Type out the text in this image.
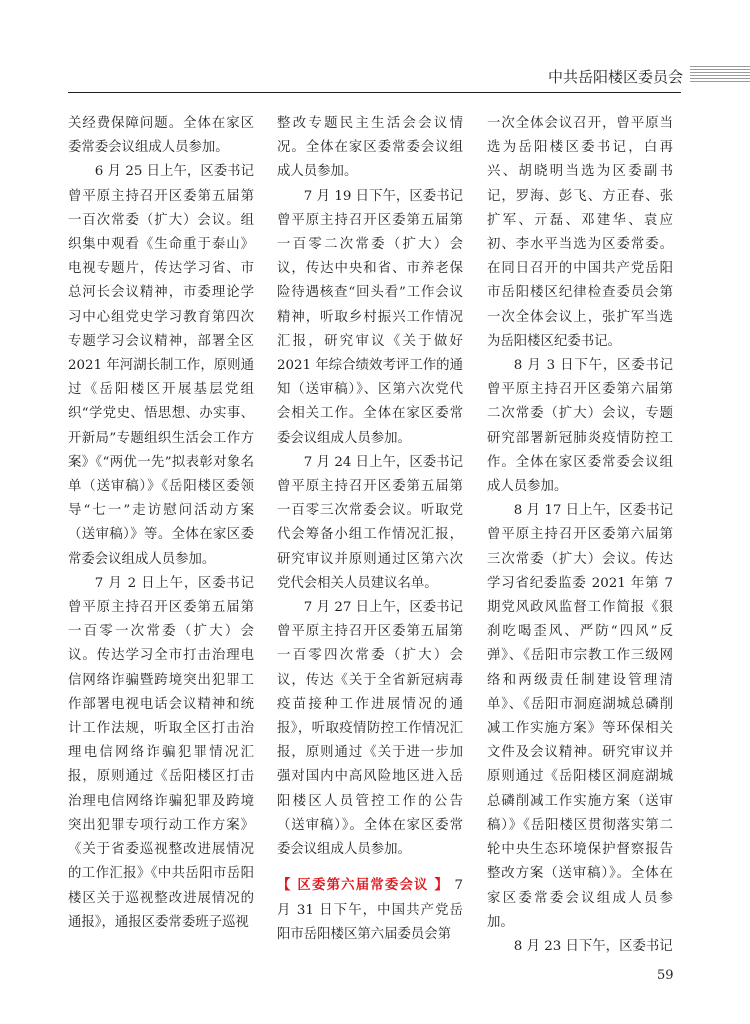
中共岳阳楼区委员会

关经费保障问题。全体在家区委常委会议组成人员参加。

6 月 25 日上午，区委书记曾平原主持召开区委第五届第一百次常委（扩大）会议。组织集中观看《生命重于泰山》电视专题片，传达学习省、市总河长会议精神，市委理论学习中心组党史学习教育第四次专题学习会议精神，部署全区 2021 年河湖长制工作，原则通过《岳阳楼区开展基层党组织“学党史、悟思想、办实事、开新局”专题组织生活会工作方案》《“两优一先”拟表彰对象名单（送审稿）》《岳阳楼区委领导“七一”走访慰问活动方案（送审稿）》等。全体在家区委常委会议组成人员参加。

7 月 2 日上午，区委书记曾平原主持召开区委第五届第一百零一次常委（扩大）会议。传达学习全市打击治理电信网络诈骗暨跨境突出犯罪工作部署电视电话会议精神和统计工作法规，听取全区打击治理电信网络诈骗犯罪情况汇报，原则通过《岳阳楼区打击治理电信网络诈骗犯罪及跨境突出犯罪专项行动工作方案》《关于省委巡视整改进展情况的工作汇报》《中共岳阳市岳阳楼区关于巡视整改进展情况的通报》，通报区委常委班子巡视

整改专题民主生活会会议情况。全体在家区委常委会议组成人员参加。

7 月 19 日下午，区委书记曾平原主持召开区委第五届第一百零二次常委（扩大）会议，传达中央和省、市养老保险待遇核查“回头看”工作会议精神，听取乡村振兴工作情况汇报，研究审议《关于做好 2021 年综合绩效考评工作的通知（送审稿）》、区第六次党代会相关工作。全体在家区委常委会议组成人员参加。

7 月 24 日上午，区委书记曾平原主持召开区委第五届第一百零三次常委会议。听取党代会筹备小组工作情况汇报，研究审议并原则通过区第六次党代会相关人员建议名单。

7 月 27 日上午，区委书记曾平原主持召开区委第五届第一百零四次常委（扩大）会议，传达《关于全省新冠病毒疫苗接种工作进展情况的通报》，听取疫情防控工作情况汇报，原则通过《关于进一步加强对国内中高风险地区进入岳阳楼区人员管控工作的公告（送审稿）》。全体在家区委常委会议组成人员参加。

【 区委第六届常委会议 】 7 月 31 日下午，中国共产党岳阳市岳阳楼区第六届委员会第

一次全体会议召开，曾平原当选为岳阳楼区委书记，白再兴、胡晓明当选为区委副书记，罗海、彭飞、方正春、张扩军、亓磊、邓建华、袁应初、李水平当选为区委常委。在同日召开的中国共产党岳阳市岳阳楼区纪律检查委员会第一次全体会议上，张扩军当选为岳阳楼区纪委书记。

8 月 3 日下午，区委书记曾平原主持召开区委第六届第二次常委（扩大）会议，专题研究部署新冠肺炎疫情防控工作。全体在家区委常委会议组成人员参加。

8 月 17 日上午，区委书记曾平原主持召开区委第六届第三次常委（扩大）会议。传达学习省纪委监委 2021 年第 7 期党风政风监督工作简报《狠刹吃喝歪风、严防“四风”反弹》、《岳阳市宗教工作三级网络和两级责任制建设管理清单》、《岳阳市洞庭湖城总磷削减工作实施方案》等环保相关文件及会议精神。研究审议并原则通过《岳阳楼区洞庭湖城总磷削减工作实施方案（送审稿）》《岳阳楼区贯彻落实第二轮中央生态环境保护督察报告整改方案（送审稿）》。全体在家区委常委会议组成人员参加。

8 月 23 日下午，区委书记

59
